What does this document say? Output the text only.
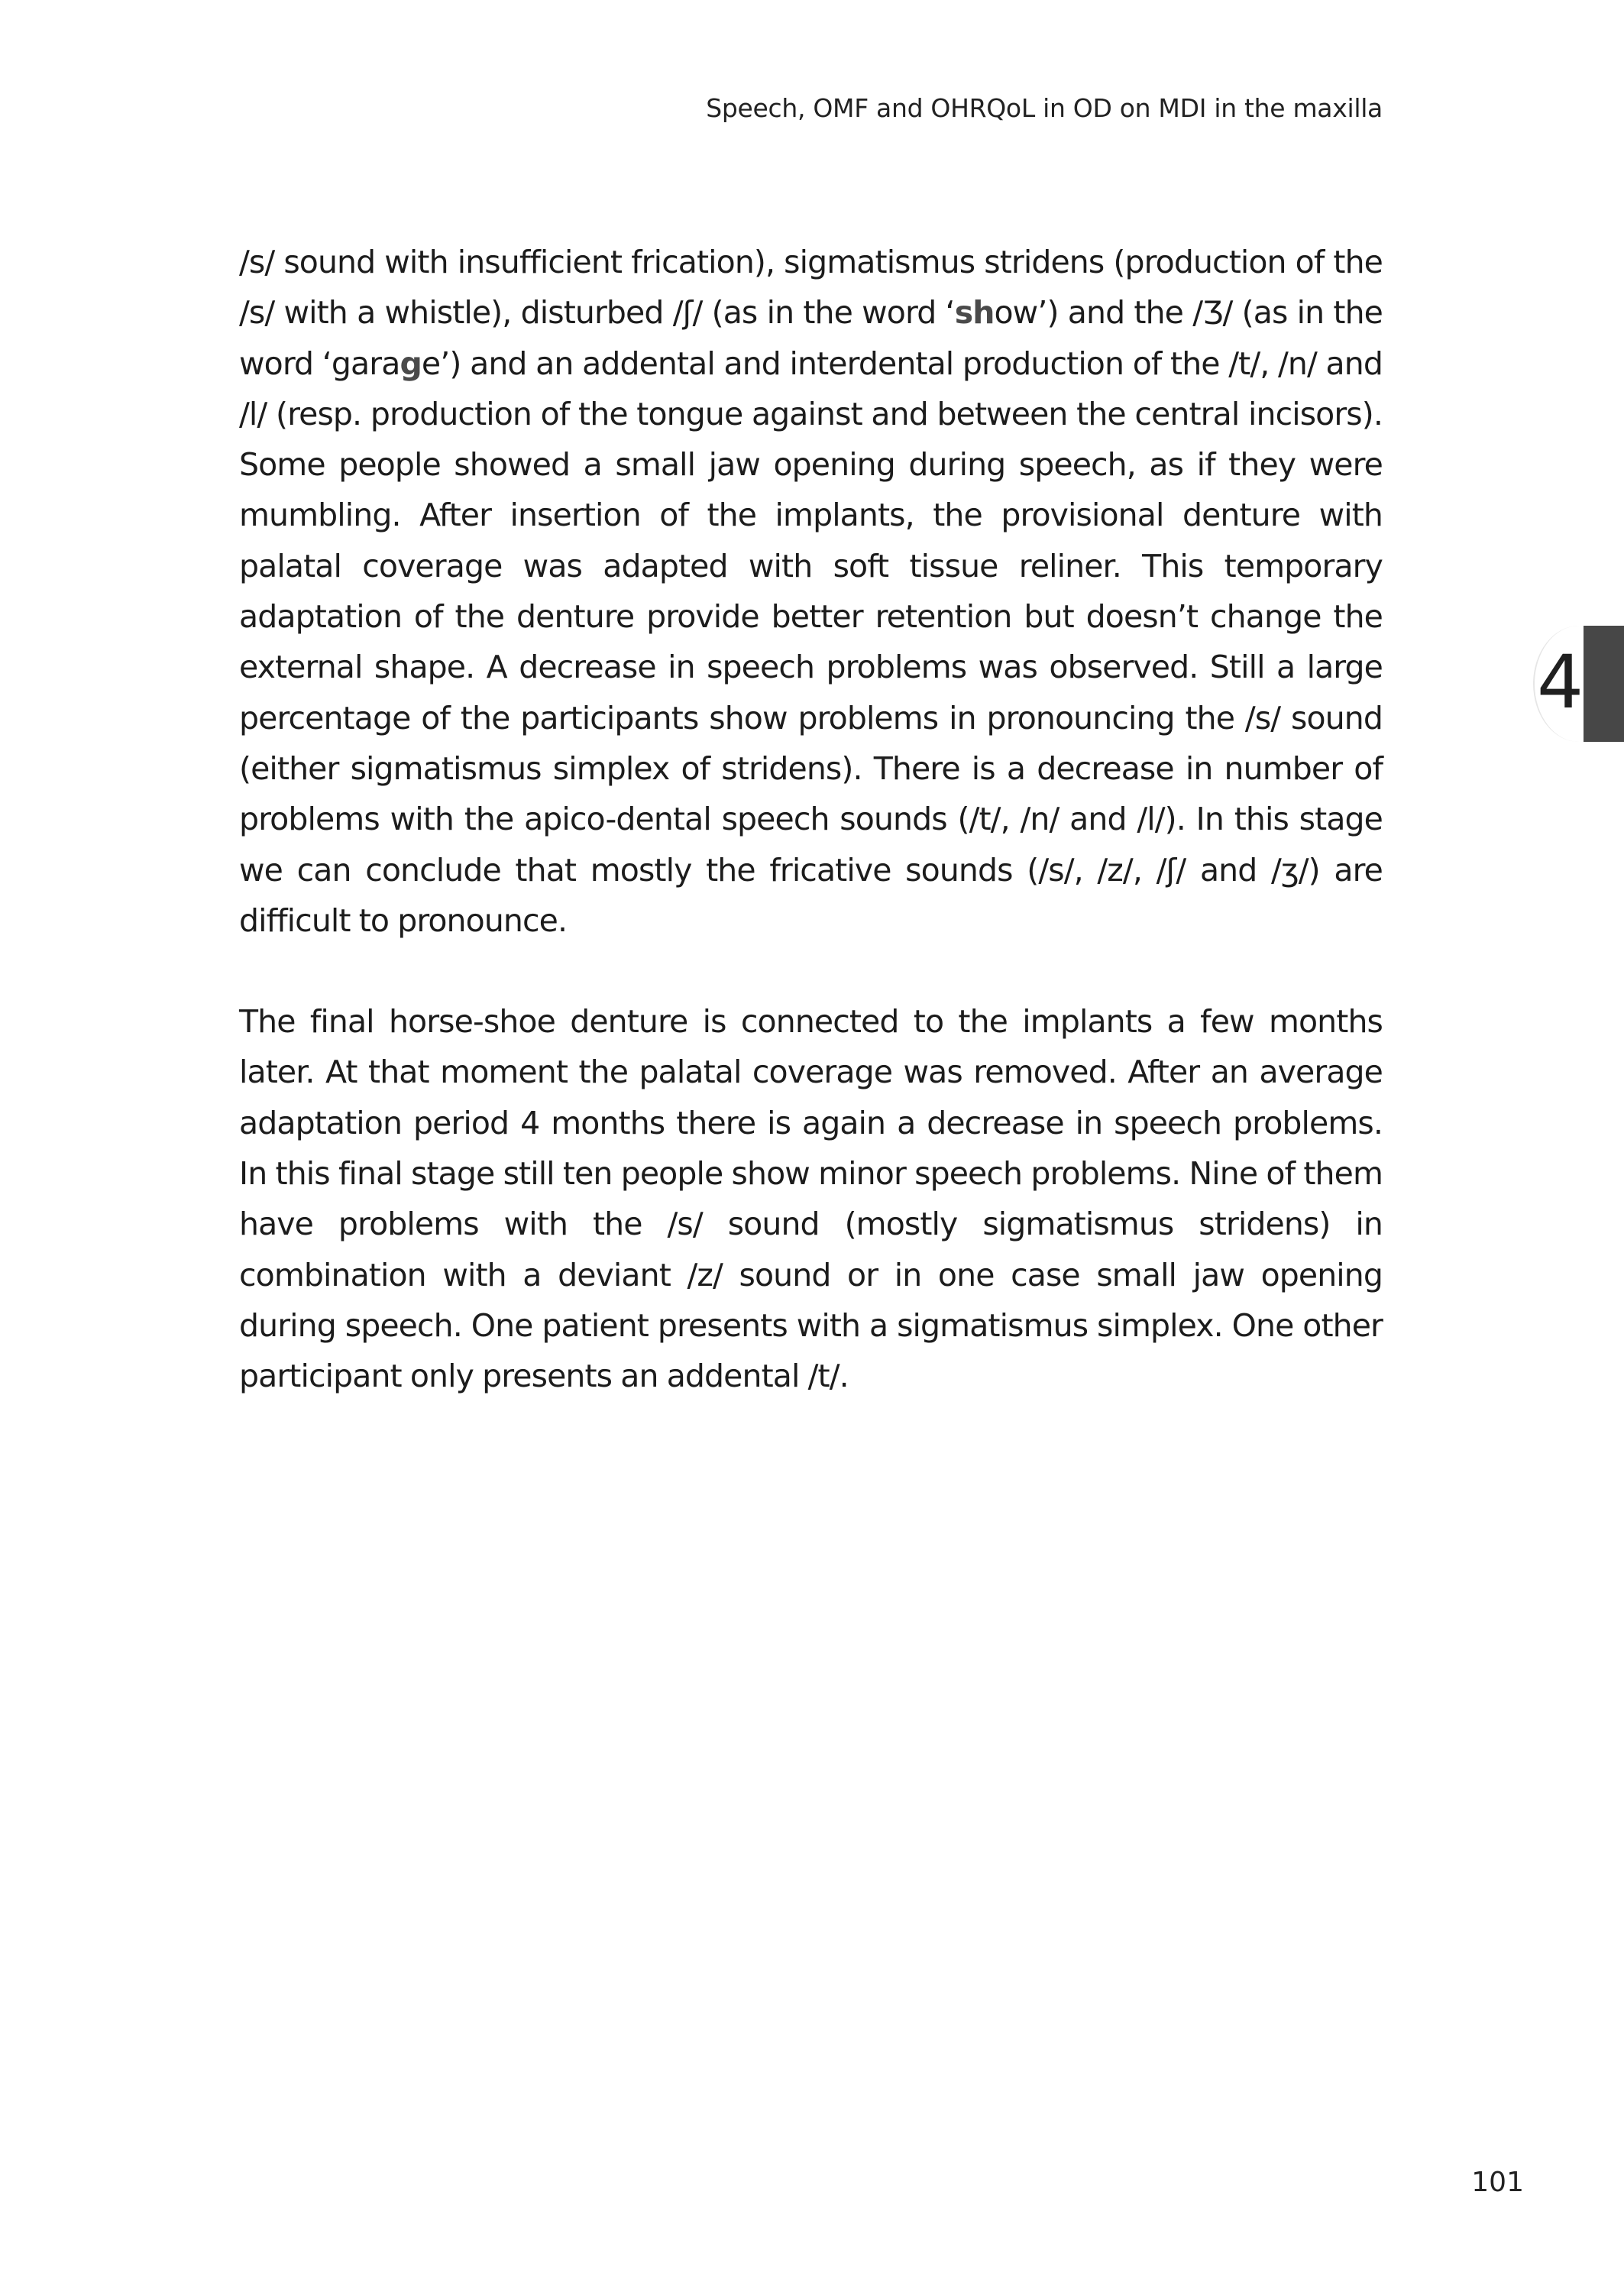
Speech, OMF and OHRQoL in OD on MDI in the maxilla

/s/ sound with insufficient frication), sigmatismus stridens (production of the /s/ with a whistle), disturbed /ʃ/ (as in the word ‘show’) and the /Ʒ/ (as in the word ‘garage’) and an addental and interdental production of the /t/, /n/ and /l/ (resp. production of the tongue against and between the central incisors). Some people showed a small jaw opening during speech, as if they were mumbling. After insertion of the implants, the provisional denture with palatal coverage was adapted with soft tissue reliner. This temporary adaptation of the denture provide better retention but doesn’t change the external shape. A decrease in speech problems was observed. Still a large percentage of the participants show problems in pronouncing the /s/ sound (either sigmatismus simplex of stridens). There is a decrease in number of problems with the apico-dental speech sounds (/t/, /n/ and /l/). In this stage we can conclude that mostly the fricative sounds (/s/, /z/, /ʃ/ and /ʒ/) are difficult to pronounce.

The final horse-shoe denture is connected to the implants a few months later. At that moment the palatal coverage was removed. After an average adaptation period 4 months there is again a decrease in speech problems. In this final stage still ten people show minor speech problems. Nine of them have problems with the /s/ sound (mostly sigmatismus stridens) in combination with a deviant /z/ sound or in one case small jaw opening during speech. One patient presents with a sigmatismus simplex. One other participant only presents an addental /t/.

4
101
